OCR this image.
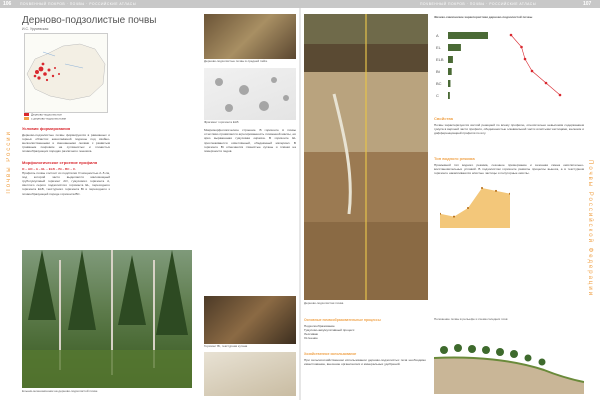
106	ПОЧВЕННЫЙ ПОКРОВ · ПОЧВЫ · РОССИЙСКИЕ АТЛАСЫ	ПОЧВЕННЫЙ ПОКРОВ · ПОЧВЫ · РОССИЙСКИЕ АТЛАСЫ	107
Почвы России	Почвы Российской Федерации
Дерново-подзолистые почвы
И.С. Урусевская
Дерново-подзолистые
с дерново-подзолистыми
Условия формирования
Дерново-подзолистые почвы формируются в равнинных и горных областях южнотаёжной подзоны под хвойно-мелколиственными и смешанными лесами с развитым травяным покровом на суглинистых и глинистых почвообразующих породах различного генезиса.
Морфологическое строение профиля
О – AO – A – EL – ELB – Bt – BC – C.
Профиль почвы состоит из подстилки О мощностью 2–5 см, под которой часто выделяется маломощный грубогумусовый горизонт АО, гумусового горизонта А, светлого серого подзолистого горизонта EL, переходного горизонта ELB, текстурного горизонта Bt и переходного к почвообразующей породе горизонта ВС.
Ельник-зеленомошник на дерново-подзолистой почве
Дерново-подзолистые почвы в средней тайге
Фрагмент горизонта ELB
Микроморфологическое строение. В горизонте А почвы отчетливо проявляется агрегированность почвенной массы, её ярко выраженная гумусовая окраска. В горизонте EL прослеживается осветлённый, обеднённый материал. В горизонте Bt отмечаются глинистые кутаны и плёнки на поверхности педов.
Горизонт Bt, текстурная кутана
Дерново-подзолистая почва
Физико-химические характеристики дерново-подзолистой почвы
A
EL
ELB
Bt
BC
C
Свойства
Почвы характеризуются кислой реакцией по всему профилю, относительно невысоким содержанием гумуса в верхней части профиля, обеднённостью элювиальной части илистыми частицами, железом и дифференциацией профиля по илу.
Тип водного режима
Промывной тип водного режима, сезонное промерзание и сезонная смена окислительно-восстановительных условий. В подзолистом горизонте развиты процессы выноса, а в текстурном горизонте накапливаются илистые частицы и полуторные окислы.
Основные почвообразовательные процессы
Подзолообразование
Гумусово-аккумулятивный процесс
Лессиваж
Оглеение
Хозяйственное использование
При сельскохозяйственном использовании дерново-подзолистых почв необходимо известкование, внесение органических и минеральных удобрений.
Положение почвы в рельефе и схема соседних почв
